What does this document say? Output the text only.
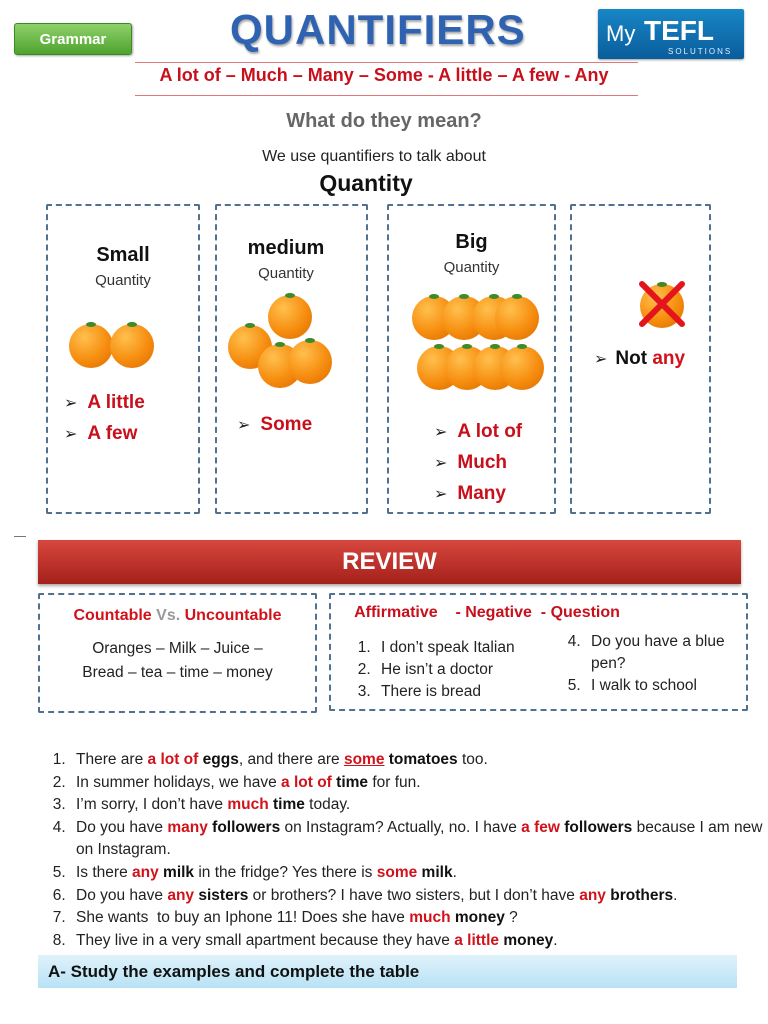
Grammar	QUANTIFIERS	My TEFL
SOLUTIONS
A lot of – Much – Many – Some - A little – A few - Any
What do they mean?
We use quantifiers to talk about
Quantity
Small
Quantity
➢ A little
➢ A few
medium
Quantity
➢ Some
Big
Quantity
➢ A lot of
➢ Much
➢ Many
➢ Not any
REVIEW
Countable Vs. Uncountable
Oranges – Milk – Juice –
Bread – tea – time – money
Affirmative    - Negative  - Question
1. I don’t speak Italian
2. He isn’t a doctor
3. There is bread
4. Do you have a blue pen?
5. I walk to school
1. There are a lot of eggs, and there are some tomatoes too.
2. In summer holidays, we have a lot of time for fun.
3. I’m sorry, I don’t have much time today.
4. Do you have many followers on Instagram? Actually, no. I have a few followers because I am new on Instagram.
5. Is there any milk in the fridge? Yes there is some milk.
6. Do you have any sisters or brothers? I have two sisters, but I don’t have any brothers.
7. She wants  to buy an Iphone 11! Does she have much money ?
8. They live in a very small apartment because they have a little money.
A- Study the examples and complete the table
